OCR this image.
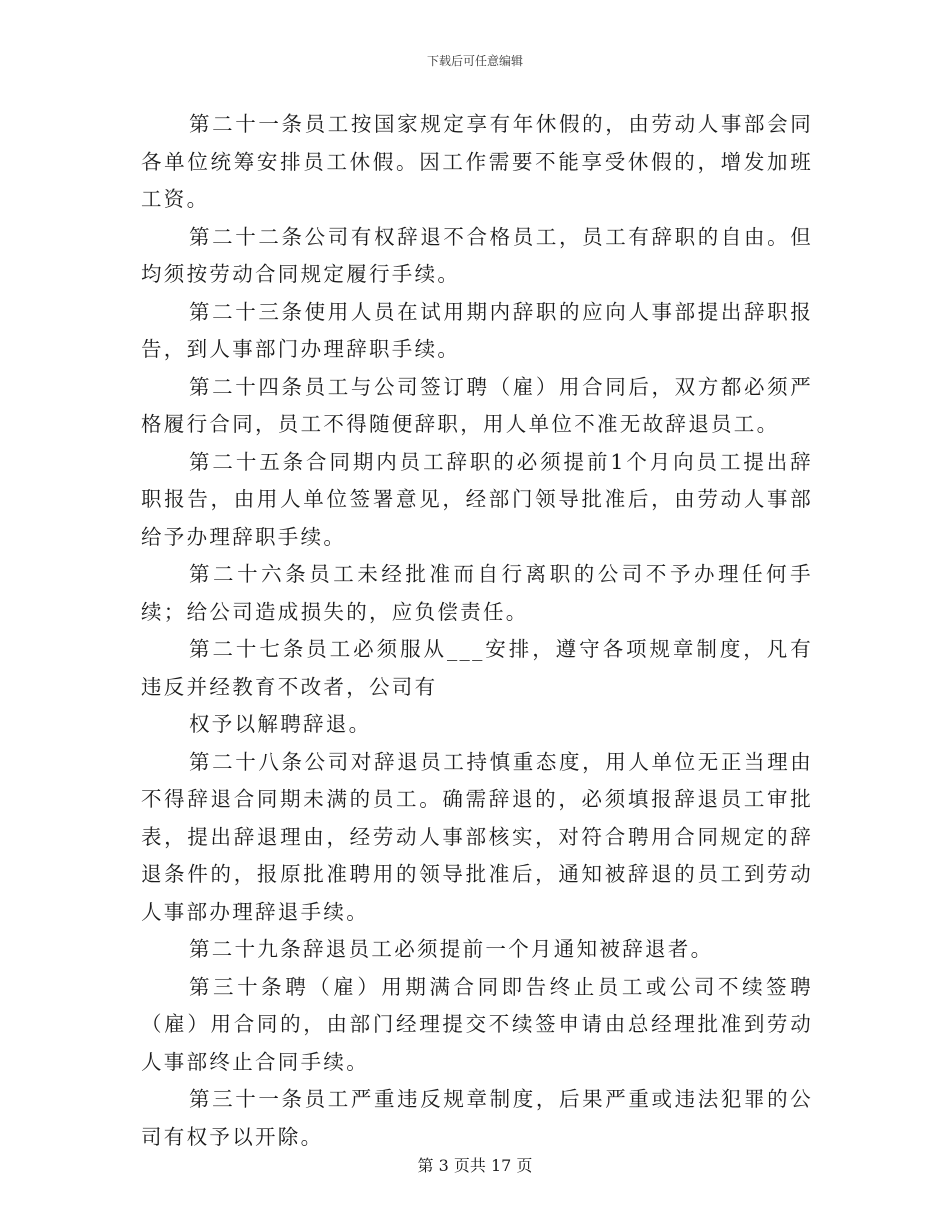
下载后可任意编辑

第二十一条员工按国家规定享有年休假的，由劳动人事部会同各单位统筹安排员工休假。因工作需要不能享受休假的，增发加班工资。

第二十二条公司有权辞退不合格员工，员工有辞职的自由。但均须按劳动合同规定履行手续。

第二十三条使用人员在试用期内辞职的应向人事部提出辞职报告，到人事部门办理辞职手续。

第二十四条员工与公司签订聘（雇）用合同后，双方都必须严格履行合同，员工不得随便辞职，用人单位不准无故辞退员工。

第二十五条合同期内员工辞职的必须提前1个月向员工提出辞职报告，由用人单位签署意见，经部门领导批准后，由劳动人事部给予办理辞职手续。

第二十六条员工未经批准而自行离职的公司不予办理任何手续；给公司造成损失的，应负偿责任。

第二十七条员工必须服从___安排，遵守各项规章制度，凡有违反并经教育不改者，公司有

权予以解聘辞退。

第二十八条公司对辞退员工持慎重态度，用人单位无正当理由不得辞退合同期未满的员工。确需辞退的，必须填报辞退员工审批表，提出辞退理由，经劳动人事部核实，对符合聘用合同规定的辞退条件的，报原批准聘用的领导批准后，通知被辞退的员工到劳动人事部办理辞退手续。

第二十九条辞退员工必须提前一个月通知被辞退者。

第三十条聘（雇）用期满合同即告终止员工或公司不续签聘（雇）用合同的，由部门经理提交不续签申请由总经理批准到劳动人事部终止合同手续。

第三十一条员工严重违反规章制度，后果严重或违法犯罪的公司有权予以开除。

第 3 页共 17 页
